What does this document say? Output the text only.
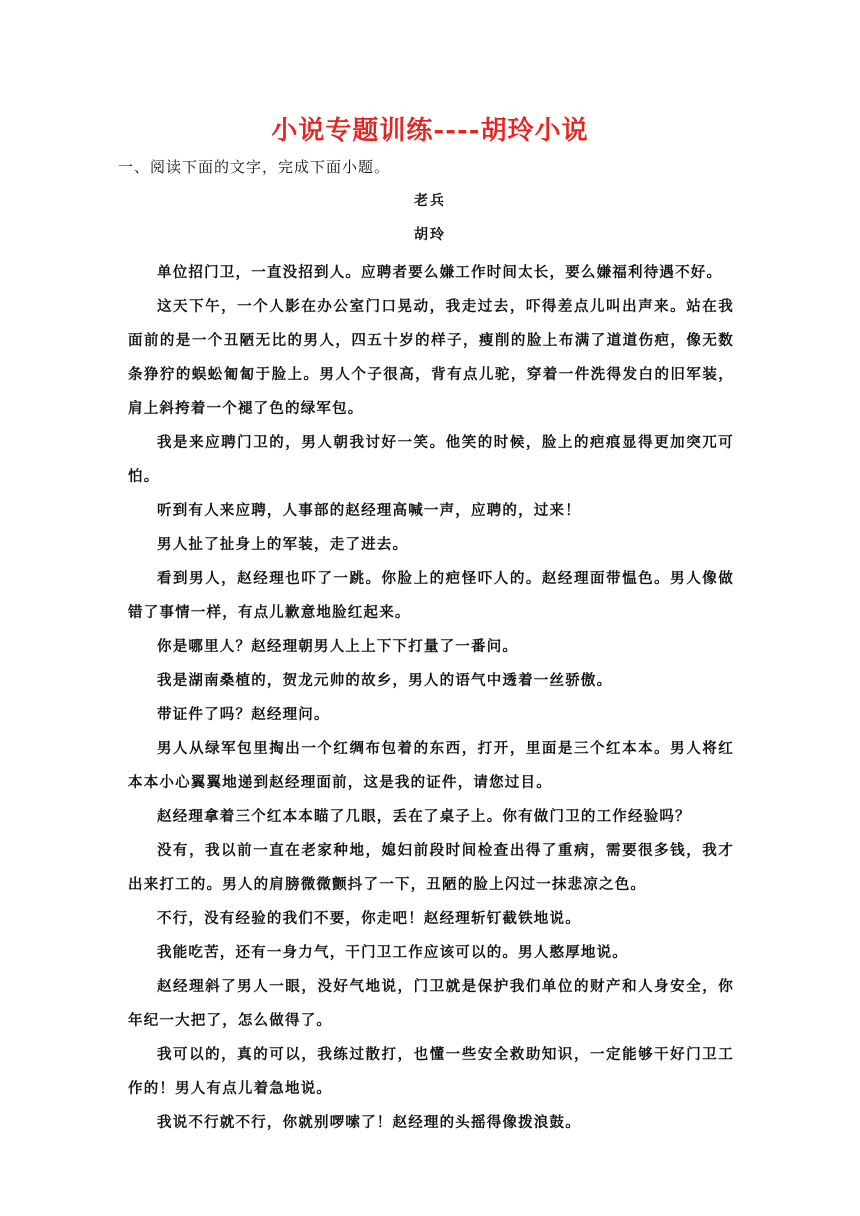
小说专题训练----胡玲小说
一、阅读下面的文字，完成下面小题。
老兵
胡玲

单位招门卫，一直没招到人。应聘者要么嫌工作时间太长，要么嫌福利待遇不好。

这天下午，一个人影在办公室门口晃动，我走过去，吓得差点儿叫出声来。站在我面前的是一个丑陋无比的男人，四五十岁的样子，瘦削的脸上布满了道道伤疤，像无数条狰狞的蜈蚣匍匐于脸上。男人个子很高，背有点儿驼，穿着一件洗得发白的旧军装，肩上斜挎着一个褪了色的绿军包。

我是来应聘门卫的，男人朝我讨好一笑。他笑的时候，脸上的疤痕显得更加突兀可怕。

听到有人来应聘，人事部的赵经理高喊一声，应聘的，过来！

男人扯了扯身上的军装，走了进去。

看到男人，赵经理也吓了一跳。你脸上的疤怪吓人的。赵经理面带愠色。男人像做错了事情一样，有点儿歉意地脸红起来。

你是哪里人？赵经理朝男人上上下下打量了一番问。

我是湖南桑植的，贺龙元帅的故乡，男人的语气中透着一丝骄傲。

带证件了吗？赵经理问。

男人从绿军包里掏出一个红绸布包着的东西，打开，里面是三个红本本。男人将红本本小心翼翼地递到赵经理面前，这是我的证件，请您过目。

赵经理拿着三个红本本瞄了几眼，丢在了桌子上。你有做门卫的工作经验吗？

没有，我以前一直在老家种地，媳妇前段时间检查出得了重病，需要很多钱，我才出来打工的。男人的肩膀微微颤抖了一下，丑陋的脸上闪过一抹悲凉之色。

不行，没有经验的我们不要，你走吧！赵经理斩钉截铁地说。

我能吃苦，还有一身力气，干门卫工作应该可以的。男人憨厚地说。

赵经理斜了男人一眼，没好气地说，门卫就是保护我们单位的财产和人身安全，你年纪一大把了，怎么做得了。

我可以的，真的可以，我练过散打，也懂一些安全救助知识，一定能够干好门卫工作的！男人有点儿着急地说。

我说不行就不行，你就别啰嗦了！赵经理的头摇得像拨浪鼓。
